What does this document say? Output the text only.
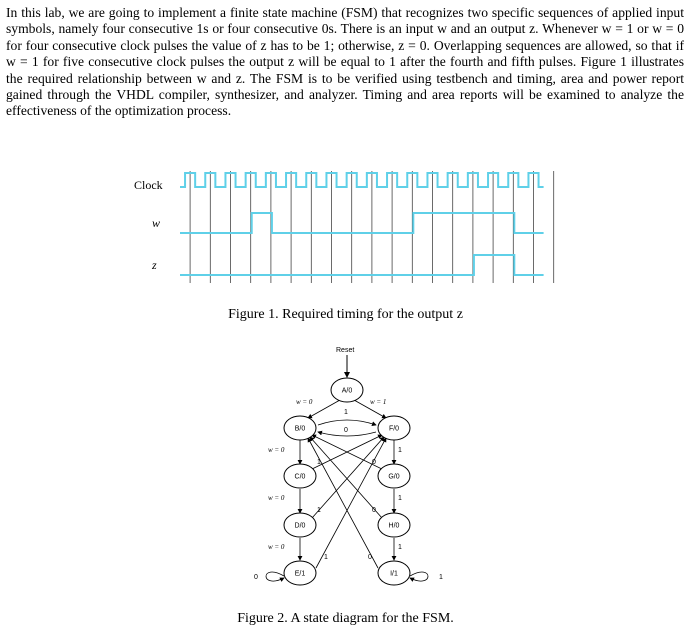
In this lab, we are going to implement a finite state machine (FSM) that recognizes two specific sequences of applied input symbols, namely four consecutive 1s or four consecutive 0s. There is an input w and an output z. Whenever w = 1 or w = 0 for four consecutive clock pulses the value of z has to be 1; otherwise, z = 0. Overlapping sequences are allowed, so that if w = 1 for five consecutive clock pulses the output z will be equal to 1 after the fourth and fifth pulses. Figure 1 illustrates the required relationship between w and z. The FSM is to be verified using testbench and timing, area and power report gained through the VHDL compiler, synthesizer, and analyzer. Timing and area reports will be examined to analyze the effectiveness of the optimization process.

Clock
w
z
Figure 1. Required timing for the output z
Reset
A/0
B/0
C/0
D/0
E/1
F/0
G/0
H/0
I/1
w = 0	w = 1
w = 0
w = 0
w = 0
1
0
1
1
1
1
1
1
0
0
0
0	1
Figure 2. A state diagram for the FSM.
